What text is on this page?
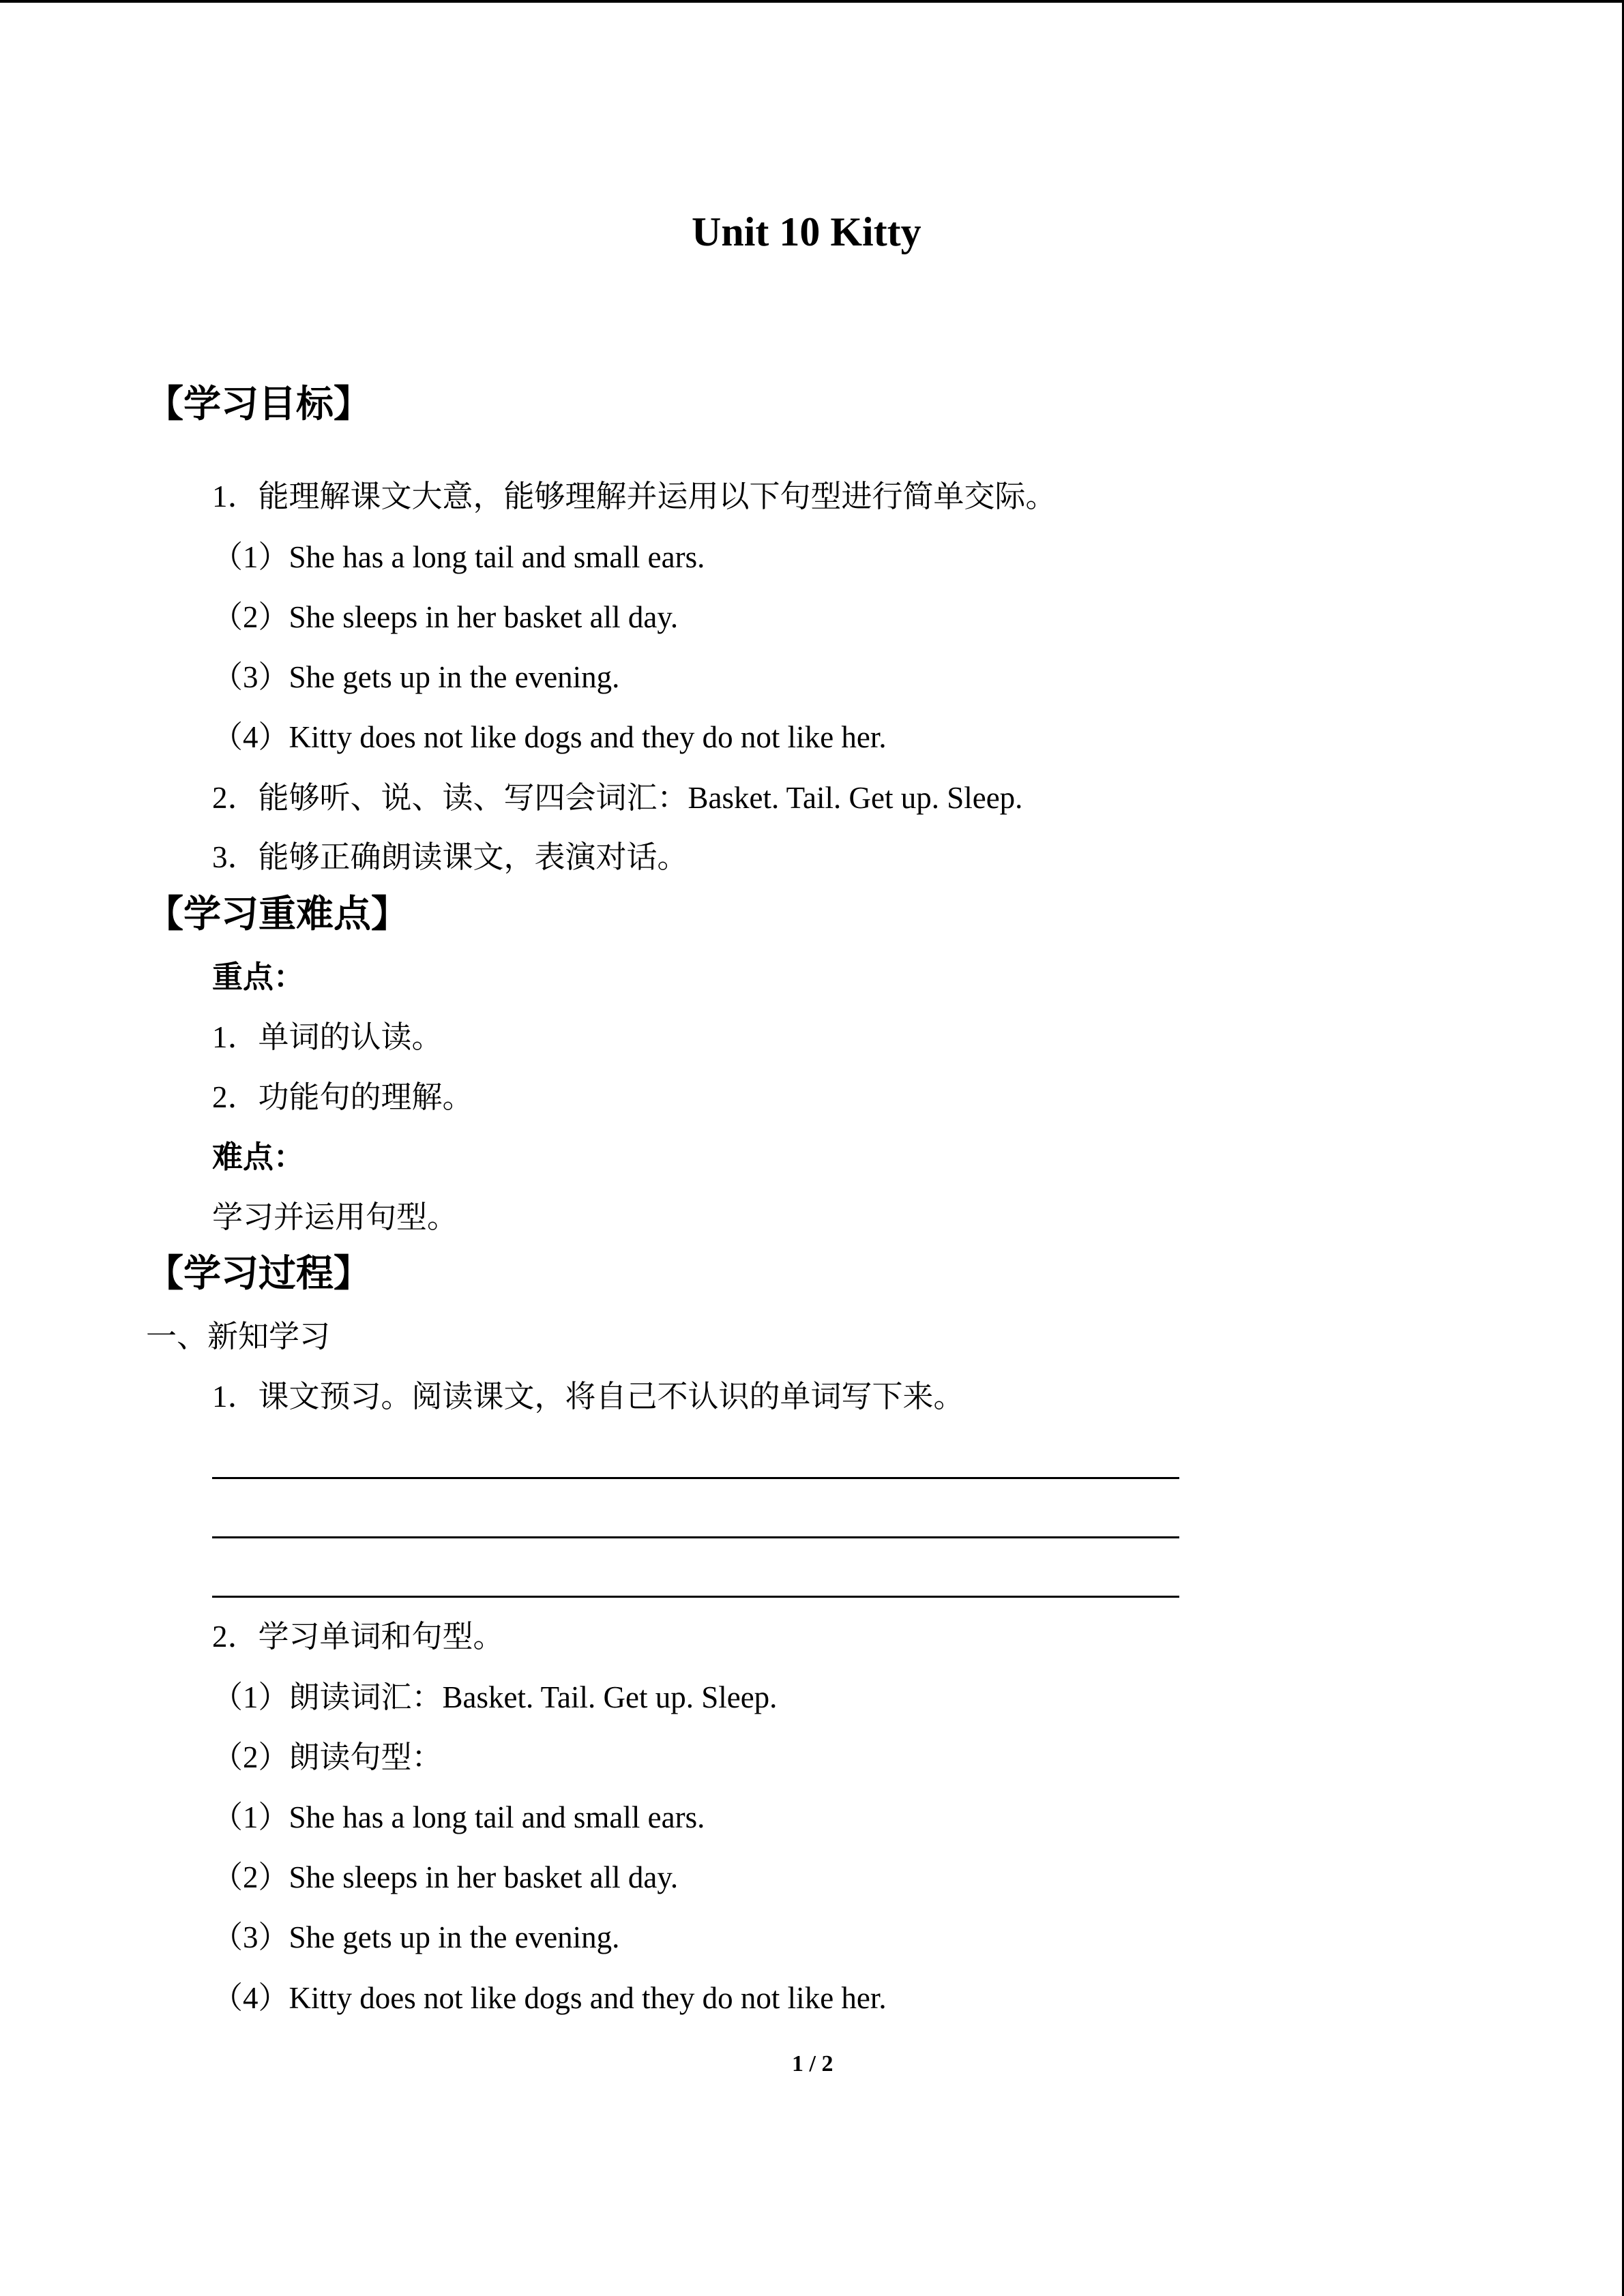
Unit 10 Kitty
【学习目标】
1．能理解课文大意，能够理解并运用以下句型进行简单交际。
（1）She has a long tail and small ears.
（2）She sleeps in her basket all day.
（3）She gets up in the evening.
（4）Kitty does not like dogs and they do not like her.
2．能够听、说、读、写四会词汇：Basket. Tail. Get up. Sleep.
3．能够正确朗读课文，表演对话。
【学习重难点】
重点：
1．单词的认读。
2．功能句的理解。
难点：
学习并运用句型。
【学习过程】
一、新知学习
1．课文预习。阅读课文，将自己不认识的单词写下来。
2．学习单词和句型。
（1）朗读词汇：Basket. Tail. Get up. Sleep.
（2）朗读句型：
（1）She has a long tail and small ears.
（2）She sleeps in her basket all day.
（3）She gets up in the evening.
（4）Kitty does not like dogs and they do not like her.
1 / 2
